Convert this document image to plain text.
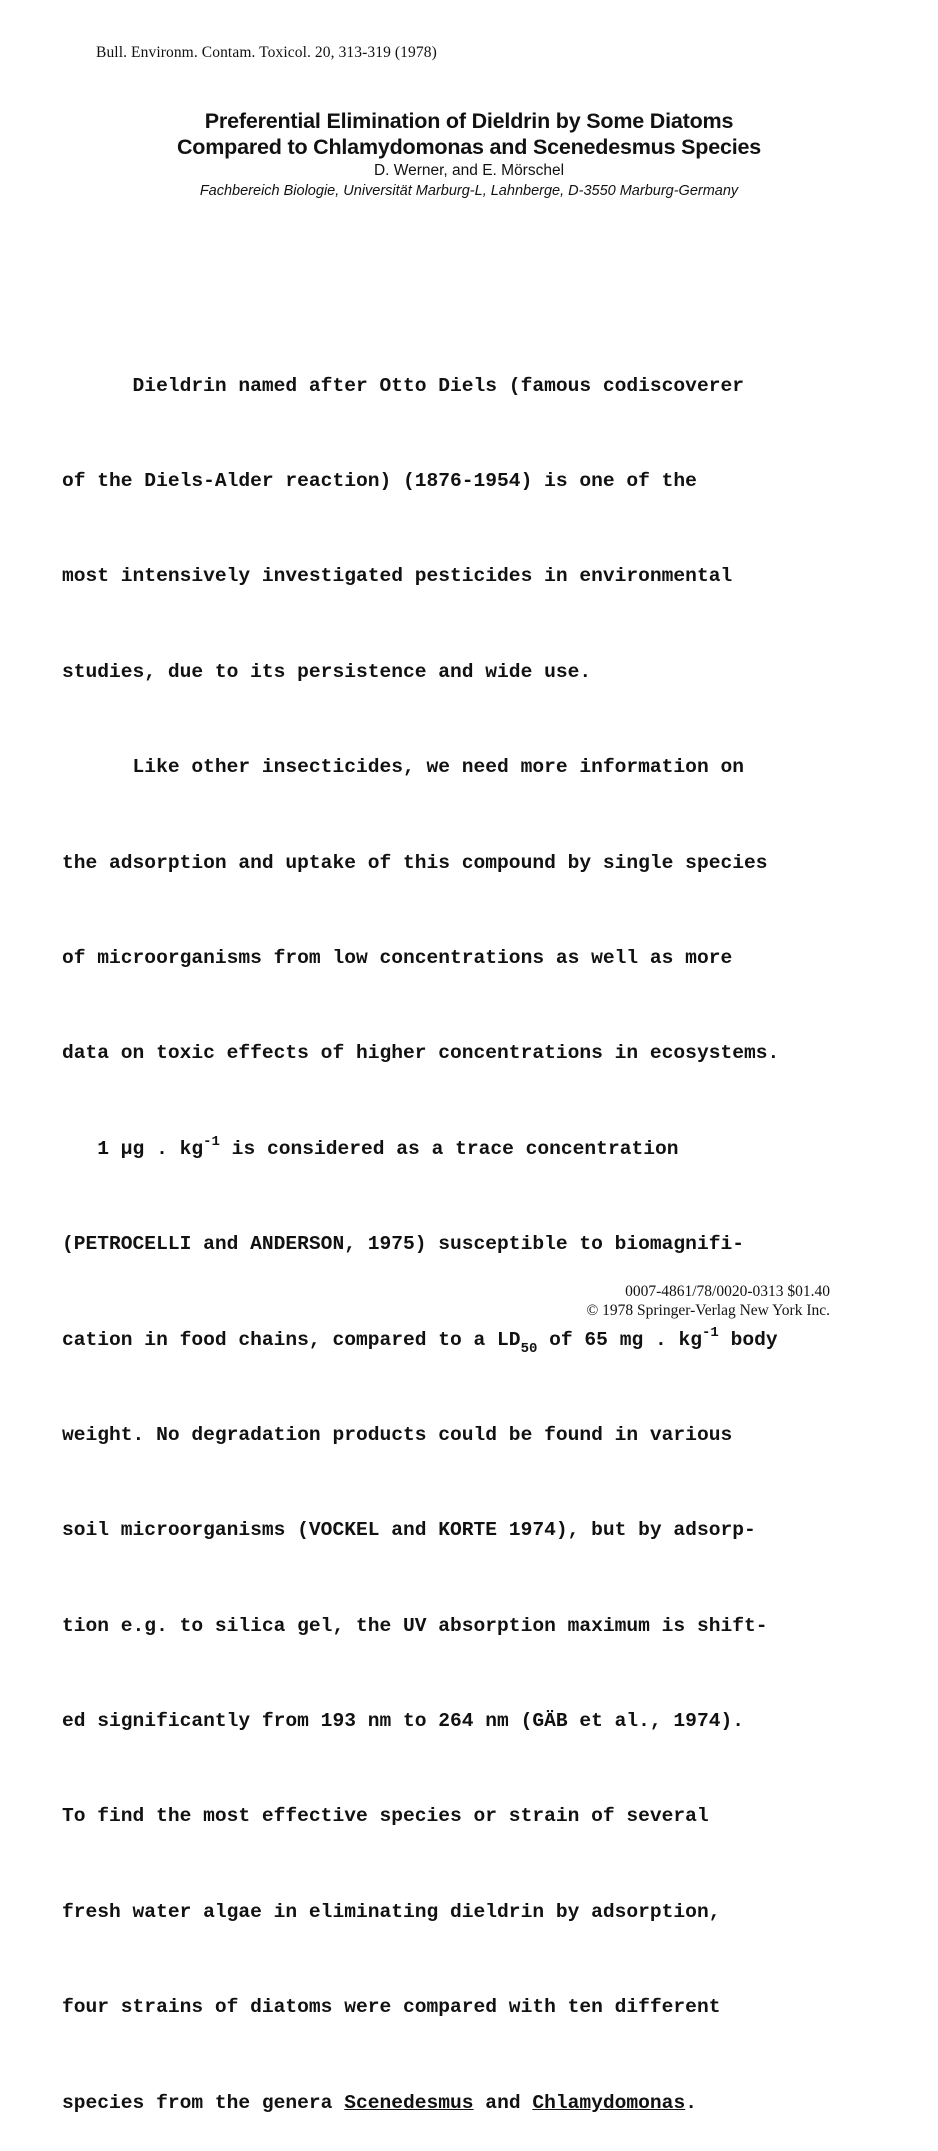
Bull. Environm. Contam. Toxicol. 20, 313-319 (1978)
Preferential Elimination of Dieldrin by Some Diatoms
Compared to Chlamydomonas and Scenedesmus Species
D. Werner, and E. Mörschel
Fachbereich Biologie, Universität Marburg-L, Lahnberge, D-3550 Marburg-Germany

Dieldrin named after Otto Diels (famous codiscoverer

of the Diels-Alder reaction) (1876-1954) is one of the

most intensively investigated pesticides in environmental

studies, due to its persistence and wide use.

Like other insecticides, we need more information on

the adsorption and uptake of this compound by single species

of microorganisms from low concentrations as well as more

data on toxic effects of higher concentrations in ecosystems.

1 µg . $kg^{-1}$ is considered as a trace concentration

(PETROCELLI and ANDERSON, 1975) susceptible to biomagnifi-

cation in food chains, compared to a $LD_{50}$ of 65 mg . $kg^{-1}$ body

weight. No degradation products could be found in various

soil microorganisms (VOCKEL and KORTE 1974), but by adsorp-

tion e.g. to silica gel, the UV absorption maximum is shift-

ed significantly from 193 nm to 264 nm (GÄB et al., 1974).

To find the most effective species or strain of several

fresh water algae in eliminating dieldrin by adsorption,

four strains of diatoms were compared with ten different

species from the genera Scenedesmus and Chlamydomonas.

0007-4861/78/0020-0313 $01.40
© 1978 Springer-Verlag New York Inc.
